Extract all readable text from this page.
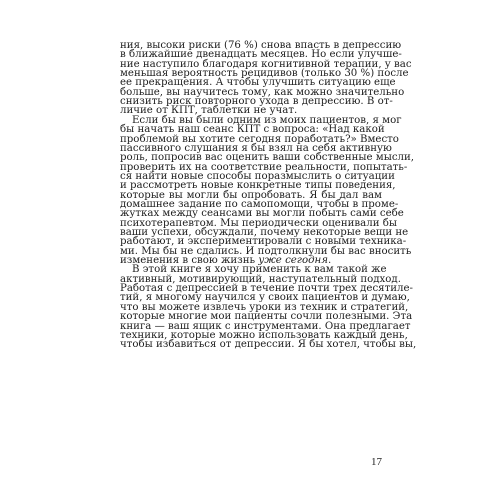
ния, высоки риски (76 %) снова впасть в депрессию
в ближайшие двенадцать месяцев. Но если улучше-
ние наступило благодаря когнитивной терапии, у вас
меньшая вероятность рецидивов (только 30 %) после
ее прекращения. А чтобы улучшить ситуацию еще
больше, вы научитесь тому, как можно значительно
снизить риск повторного ухода в депрессию. В от-
личие от КПТ, таблетки не учат.
Если бы вы были одним из моих пациентов, я мог
бы начать наш сеанс КПТ с вопроса: «Над какой
проблемой вы хотите сегодня поработать?» Вместо
пассивного слушания я бы взял на себя активную
роль, попросив вас оценить ваши собственные мысли,
проверить их на соответствие реальности, попытать-
ся найти новые способы поразмыслить о ситуации
и рассмотреть новые конкретные типы поведения,
которые вы могли бы опробовать. Я бы дал вам
домашнее задание по самопомощи, чтобы в проме-
жутках между сеансами вы могли побыть сами себе
психотерапевтом. Мы периодически оценивали бы
ваши успехи, обсуждали, почему некоторые вещи не
работают, и экспериментировали с новыми техника-
ми. Мы бы не сдались. И подтолкнули бы вас вносить
изменения в свою жизнь уже сегодня.
В этой книге я хочу применить к вам такой же
активный, мотивирующий, наступательный подход.
Работая с депрессией в течение почти трех десятиле-
тий, я многому научился у своих пациентов и думаю,
что вы можете извлечь уроки из техник и стратегий,
которые многие мои пациенты сочли полезными. Эта
книга — ваш ящик с инструментами. Она предлагает
техники, которые можно использовать каждый день,
чтобы избавиться от депрессии. Я бы хотел, чтобы вы,
17
